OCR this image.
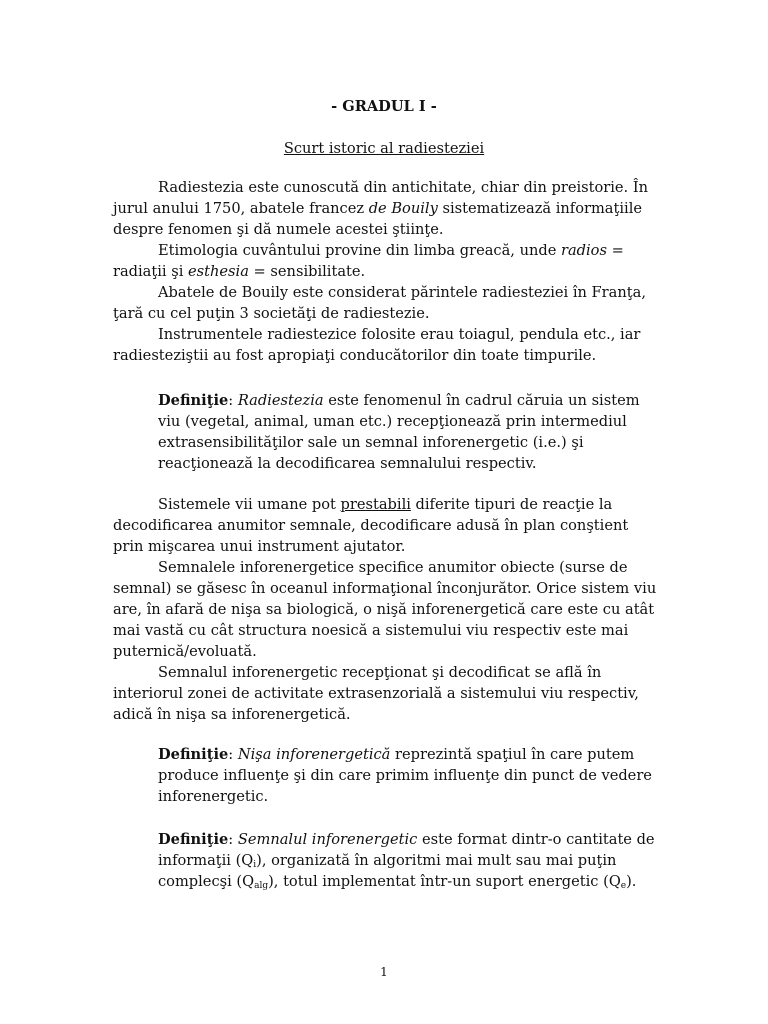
- GRADUL I -
Scurt istoric al radiesteziei
Radiestezia este cunoscută din antichitate, chiar din preistorie. În
jurul anului 1750, abatele francez de Bouily sistematizează informaţiile
despre fenomen şi dă numele acestei ştiinţe.
Etimologia cuvântului provine din limba greacă, unde radios =
radiaţii şi esthesia = sensibilitate.
Abatele de Bouily este considerat părintele radiesteziei în Franţa,
ţară cu cel puţin 3 societăţi de radiestezie.
Instrumentele radiestezice folosite erau toiagul, pendula etc., iar
radiesteziştii au fost apropiaţi conducătorilor din toate timpurile.
Definiţie: Radiestezia este fenomenul în cadrul căruia un sistem
viu (vegetal, animal, uman etc.) recepţionează prin intermediul
extrasensibilităţilor sale un semnal inforenergetic (i.e.) şi
reacţionează la decodificarea semnalului respectiv.
Sistemele vii umane pot prestabili diferite tipuri de reacţie la
decodificarea anumitor semnale, decodificare adusă în plan conştient
prin mişcarea unui instrument ajutator.
Semnalele inforenergetice specifice anumitor obiecte (surse de
semnal) se găsesc în oceanul informaţional înconjurător. Orice sistem viu
are, în afară de nişa sa biologică, o nişă inforenergetică care este cu atât
mai vastă cu cât structura noesică a sistemului viu respectiv este mai
puternică/evoluată.
Semnalul inforenergetic recepţionat şi decodificat se află în
interiorul zonei de activitate extrasenzorială a sistemului viu respectiv,
adică în nişa sa inforenergetică.
Definiţie: Nişa inforenergetică reprezintă spaţiul în care putem
produce influenţe şi din care primim influenţe din punct de vedere
inforenergetic.
Definiţie: Semnalul inforenergetic este format dintr-o cantitate de
informaţii $(Q_i)$, organizată în algoritmi mai mult sau mai puţin
complecşi $(Q_{alg})$, totul implementat într-un suport energetic $(Q_e)$.
1
